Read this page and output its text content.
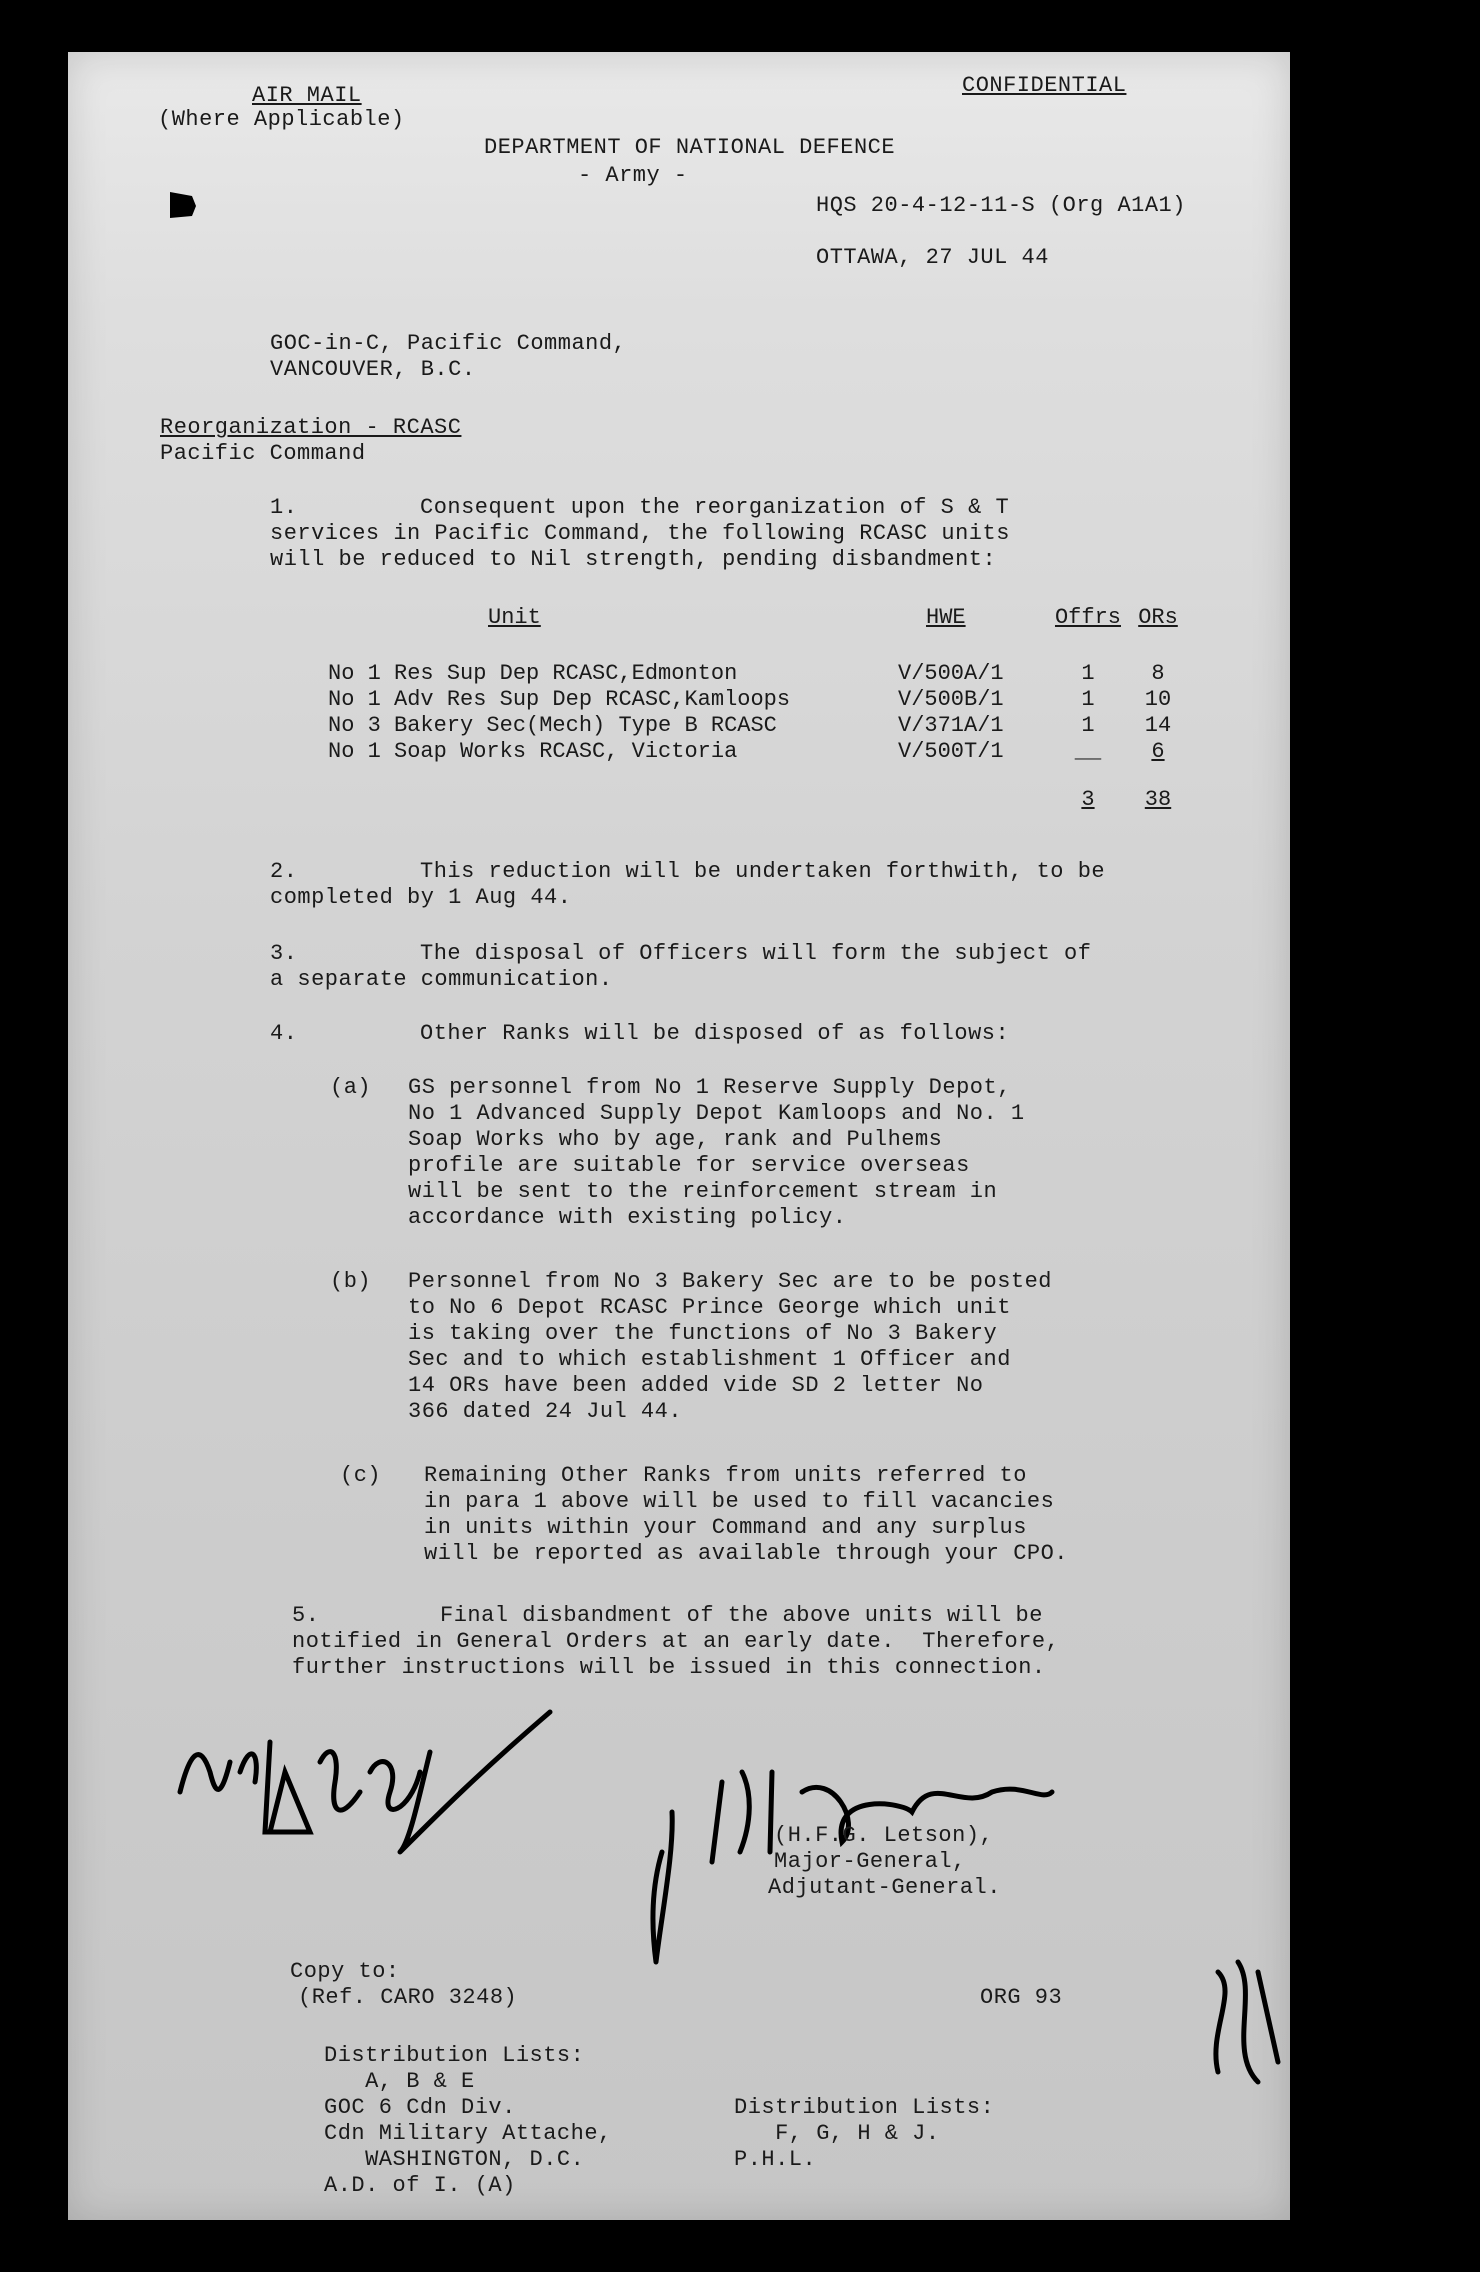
AIR MAIL
(Where Applicable)
CONFIDENTIAL
DEPARTMENT OF NATIONAL DEFENCE
- Army -
HQS 20-4-12-11-S (Org A1A1)
OTTAWA, 27 JUL 44
GOC-in-C, Pacific Command,
VANCOUVER, B.C.
Reorganization - RCASC
Pacific Command
1.	Consequent upon the reorganization of S & T
services in Pacific Command, the following RCASC units
will be reduced to Nil strength, pending disbandment:
Unit	HWE	Offrs	ORs

No 1 Res Sup Dep RCASC,Edmonton	V/500A/1	1	8
No 1 Adv Res Sup Dep RCASC,Kamloops	V/500B/1	1	10
No 3 Bakery Sec(Mech) Type B RCASC	V/371A/1	1	14
No 1 Soap Works RCASC, Victoria	V/500T/1	__	6

		3	38
2.	This reduction will be undertaken forthwith, to be
completed by 1 Aug 44.
3.	The disposal of Officers will form the subject of
a separate communication.
4.	Other Ranks will be disposed of as follows:
(a) GS personnel from No 1 Reserve Supply Depot,
No 1 Advanced Supply Depot Kamloops and No. 1
Soap Works who by age, rank and Pulhems
profile are suitable for service overseas
will be sent to the reinforcement stream in
accordance with existing policy.
(b) Personnel from No 3 Bakery Sec are to be posted
to No 6 Depot RCASC Prince George which unit
is taking over the functions of No 3 Bakery
Sec and to which establishment 1 Officer and
14 ORs have been added vide SD 2 letter No
366 dated 24 Jul 44.
(c) Remaining Other Ranks from units referred to
in para 1 above will be used to fill vacancies
in units within your Command and any surplus
will be reported as available through your CPO.
5.	Final disbandment of the above units will be
notified in General Orders at an early date.  Therefore,
further instructions will be issued in this connection.
(H.F.G. Letson),
Major-General,
Adjutant-General.
Copy to:
(Ref. CARO 3248)	ORG 93
Distribution Lists:
A, B & E
GOC 6 Cdn Div.
Cdn Military Attache,
WASHINGTON, D.C.
A.D. of I. (A)
Distribution Lists:
F, G, H & J.
P.H.L.
